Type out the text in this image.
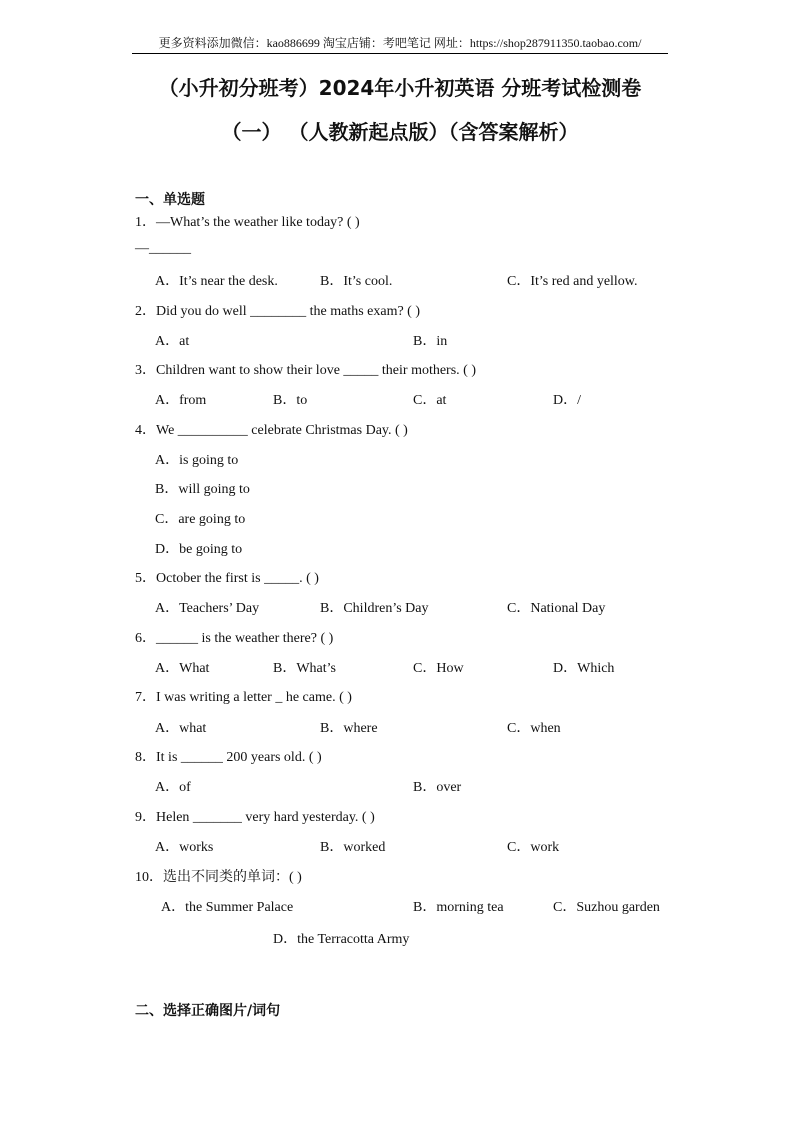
更多资料添加微信：kao886699 淘宝店铺：考吧笔记 网址：https://shop287911350.taobao.com/
（小升初分班考）2024年小升初英语 分班考试检测卷
（一） （人教新起点版）（含答案解析）
一、单选题
1．—What’s the weather like today? ( )
—______
A．It’s near the desk.	B．It’s cool.	C．It’s red and yellow.
2．Did you do well ________ the maths exam? ( )
A．at	B．in
3．Children want to show their love _____ their mothers. ( )
A．from	B．to	C．at	D．/
4．We __________ celebrate Christmas Day. ( )
A．is going to
B．will going to
C．are going to
D．be going to
5．October the first is _____. ( )
A．Teachers’ Day	B．Children’s Day	C．National Day
6．______ is the weather there? ( )
A．What	B．What’s	C．How	D．Which
7．I was writing a letter _ he came. ( )
A．what	B．where	C．when
8．It is ______ 200 years old. ( )
A．of	B．over
9．Helen _______ very hard yesterday. ( )
A．works	B．worked	C．work
10．选出不同类的单词：( )
A．the Summer Palace	B．morning tea	C．Suzhou garden
D．the Terracotta Army
二、选择正确图片/词句
